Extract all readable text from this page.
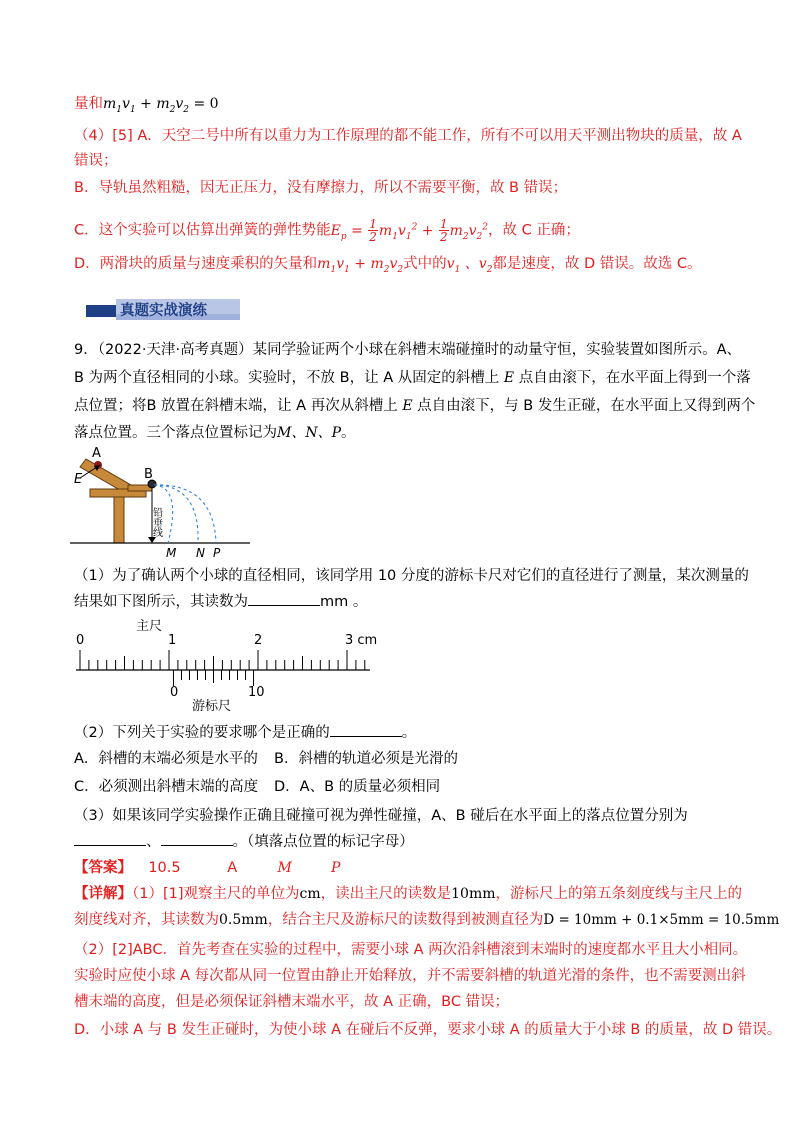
量和$m_1v_1 + m_2v_2 = 0$
（4）[5] A．天空二号中所有以重力为工作原理的都不能工作，所有不可以用天平测出物块的质量，故 A
错误；
B．导轨虽然粗糙，因无正压力，没有摩擦力，所以不需要平衡，故 B 错误；
C．这个实验可以估算出弹簧的弹性势能$E_p = \frac{1}{2} m_1v_1^2 + \frac{1}{2} m_2v_2^2$，故 C 正确；
D．两滑块的质量与速度乘积的矢量和$m_1v_1 + m_2v_2$式中的$v_1$ 、$v_2$都是速度，故 D 错误。故选 C。
真题实战演练
9．（2022·天津·高考真题）某同学验证两个小球在斜槽末端碰撞时的动量守恒，实验装置如图所示。A、
B 为两个直径相同的小球。实验时，不放 B，让 A 从固定的斜槽上 E 点自由滚下，在水平面上得到一个落
点位置；将B 放置在斜槽末端，让 A 再次从斜槽上 E 点自由滚下，与 B 发生正碰，在水平面上又得到两个
落点位置。三个落点位置标记为M、N、P。
A
B
E
铅垂线
M N P
（1）为了确认两个小球的直径相同，该同学用 10 分度的游标卡尺对它们的直径进行了测量，某次测量的
结果如下图所示，其读数为	mm 。
主尺
0	1	2	3 cm
0	10
游标尺
（2）下列关于实验的要求哪个是正确的	。
A．斜槽的末端必须是水平的 B．斜槽的轨道必须是光滑的
C．必须测出斜槽末端的高度 D．A、B 的质量必须相同
（3）如果该同学实验操作正确且碰撞可视为弹性碰撞，A、B 碰后在水平面上的落点位置分别为
、	。（填落点位置的标记字母）
【答案】 10.5	A	M	P
【详解】（1）[1]观察主尺的单位为cm，读出主尺的读数是10mm，游标尺上的第五条刻度线与主尺上的
刻度线对齐，其读数为0.5mm，结合主尺及游标尺的读数得到被测直径为D = 10mm + 0.1×5mm = 10.5mm
（2）[2]ABC．首先考查在实验的过程中，需要小球 A 两次沿斜槽滚到末端时的速度都水平且大小相同。
实验时应使小球 A 每次都从同一位置由静止开始释放，并不需要斜槽的轨道光滑的条件，也不需要测出斜
槽末端的高度，但是必须保证斜槽末端水平，故 A 正确，BC 错误；
D．小球 A 与 B 发生正碰时，为使小球 A 在碰后不反弹，要求小球 A 的质量大于小球 B 的质量，故 D 错误。
